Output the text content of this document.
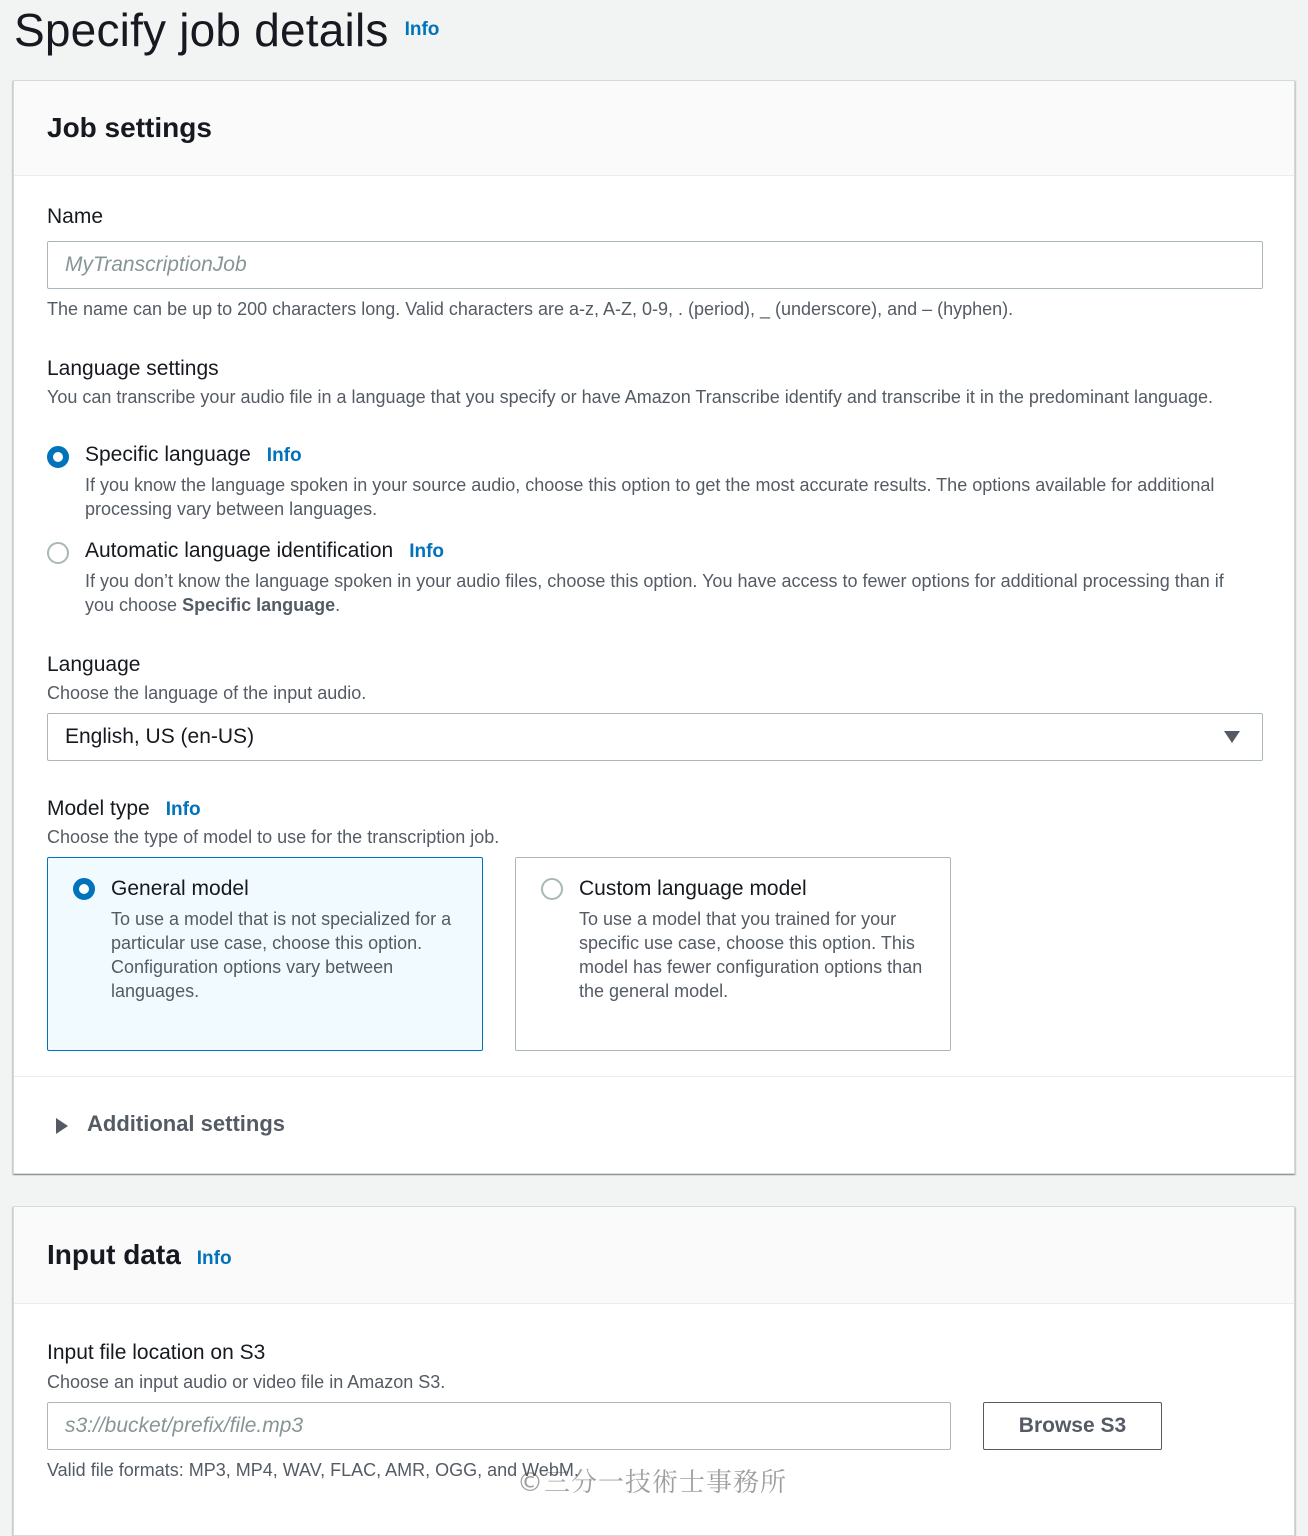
Specify job details Info
Job settings
Name
MyTranscriptionJob
The name can be up to 200 characters long. Valid characters are a-z, A-Z, 0-9, . (period), _ (underscore), and – (hyphen).
Language settings
You can transcribe your audio file in a language that you specify or have Amazon Transcribe identify and transcribe it in the predominant language.
Specific language Info
If you know the language spoken in your source audio, choose this option to get the most accurate results. The options available for additional processing vary between languages.
Automatic language identification Info
If you don’t know the language spoken in your audio files, choose this option. You have access to fewer options for additional processing than if you choose Specific language.
Language
Choose the language of the input audio.
English, US (en-US)
Model type Info
Choose the type of model to use for the transcription job.
General model
To use a model that is not specialized for a particular use case, choose this option. Configuration options vary between languages.
Custom language model
To use a model that you trained for your specific use case, choose this option. This model has fewer configuration options than the general model.
Additional settings
Input data Info
Input file location on S3
Choose an input audio or video file in Amazon S3.
s3://bucket/prefix/file.mp3	Browse S3
Valid file formats: MP3, MP4, WAV, FLAC, AMR, OGG, and WebM.
©三分一技術士事務所
